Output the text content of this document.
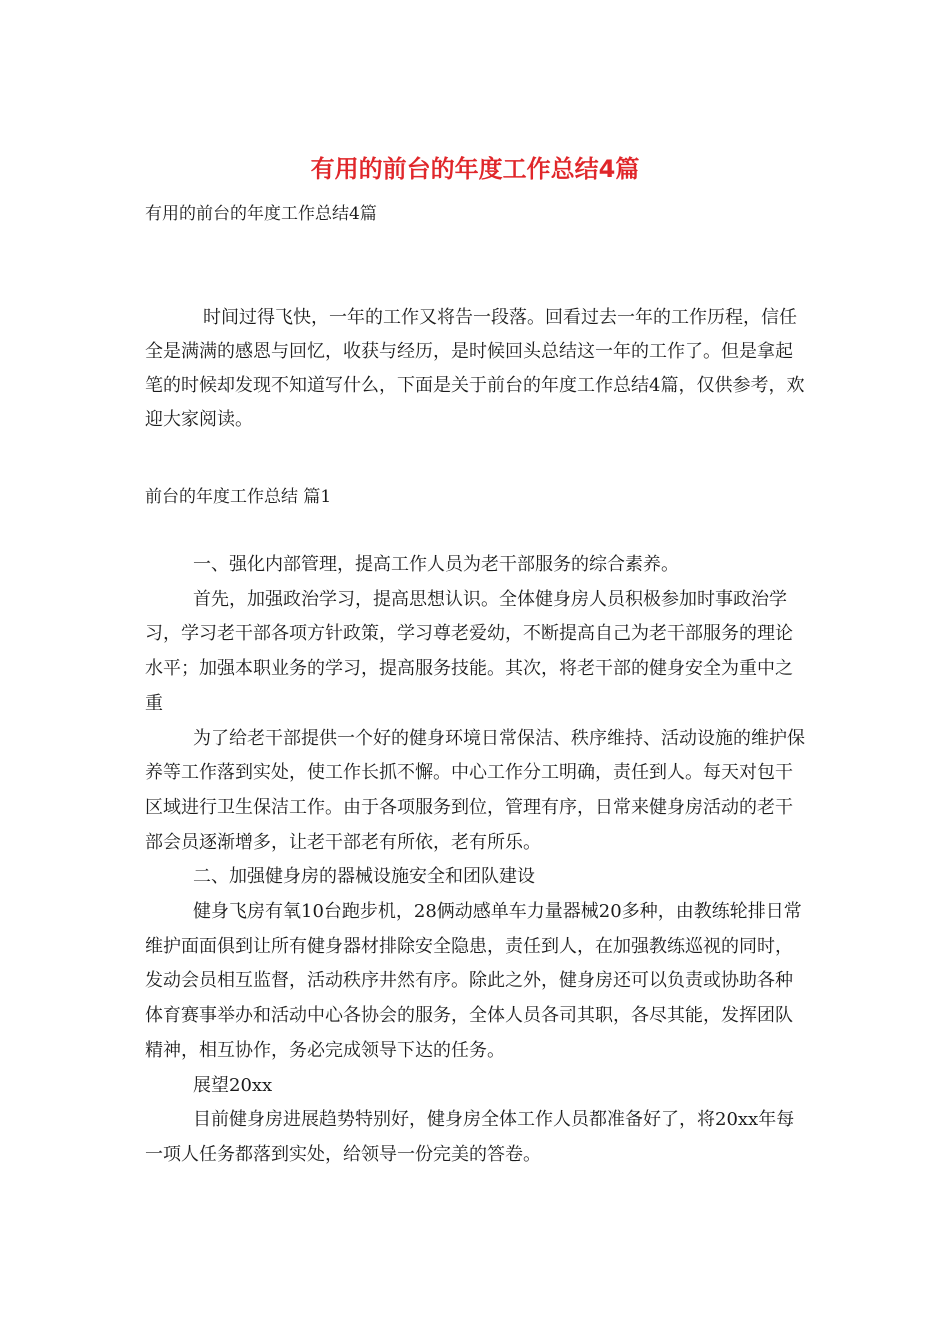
有用的前台的年度工作总结4篇
有用的前台的年度工作总结4篇
时间过得飞快，一年的工作又将告一段落。回看过去一年的工作历程，信任全是满满的感恩与回忆，收获与经历，是时候回头总结这一年的工作了。但是拿起笔的时候却发现不知道写什么，下面是关于前台的年度工作总结4篇，仅供参考，欢迎大家阅读。
前台的年度工作总结 篇1

一、强化内部管理，提高工作人员为老干部服务的综合素养。

首先，加强政治学习，提高思想认识。全体健身房人员积极参加时事政治学习，学习老干部各项方针政策，学习尊老爱幼，不断提高自己为老干部服务的理论水平；加强本职业务的学习，提高服务技能。其次，将老干部的健身安全为重中之重

为了给老干部提供一个好的健身环境日常保洁、秩序维持、活动设施的维护保养等工作落到实处，使工作长抓不懈。中心工作分工明确，责任到人。每天对包干区域进行卫生保洁工作。由于各项服务到位，管理有序，日常来健身房活动的老干部会员逐渐增多，让老干部老有所依，老有所乐。

二、加强健身房的器械设施安全和团队建设

健身飞房有氧10台跑步机，28俩动感单车力量器械20多种，由教练轮排日常维护面面俱到让所有健身器材排除安全隐患，责任到人，在加强教练巡视的同时，发动会员相互监督，活动秩序井然有序。除此之外，健身房还可以负责或协助各种体育赛事举办和活动中心各协会的服务，全体人员各司其职，各尽其能，发挥团队精神，相互协作，务必完成领导下达的任务。

展望20xx

目前健身房进展趋势特别好，健身房全体工作人员都准备好了，将20xx年每一项人任务都落到实处，给领导一份完美的答卷。
